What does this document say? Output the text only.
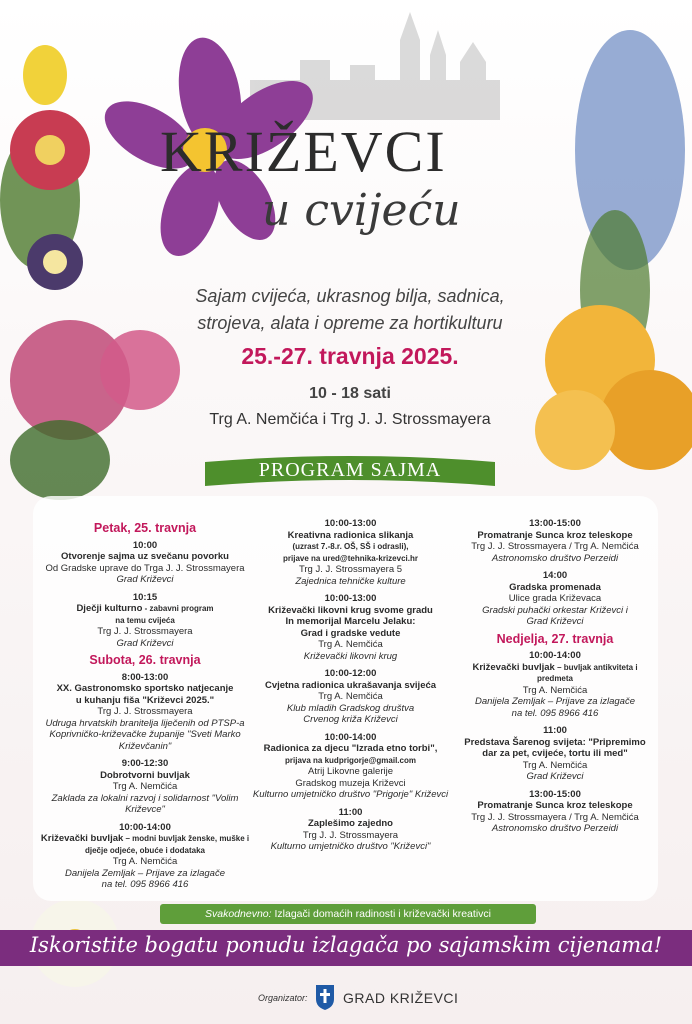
KRIŽEVCI
u cvijeću
Sajam cvijeća, ukrasnog bilja, sadnica,
strojeva, alata i opreme za hortikulturu
25.-27. travnja 2025.
10 - 18 sati
Trg A. Nemčića i Trg J. J. Strossmayera
PROGRAM SAJMA
Petak, 25. travnja
10:00
Otvorenje sajma uz svečanu povorku
Od Gradske uprave do Trga J. J. Strossmayera
Grad Križevci
10:15
Dječji kulturno - zabavni program
na temu cvijeća
Trg J. J. Strossmayera
Grad Križevci
Subota, 26. travnja
8:00-13:00
XX. Gastronomsko sportsko natjecanje
u kuhanju fiša "Križevci 2025."
Trg J. J. Strossmayera
Udruga hrvatskih branitelja liječenih od PTSP-a Koprivničko-križevačke županije "Sveti Marko Križevčanin"
9:00-12:30
Dobrotvorni buvljak
Trg A. Nemčića
Zaklada za lokalni razvoj i solidarnost "Volim Križevce"
10:00-14:00
Križevački buvljak – modni buvljak ženske, muške i dječje odjeće, obuće i dodataka
Trg A. Nemčića
Danijela Zemljak – Prijave za izlagače
na tel. 095 8966 416
10:00-13:00
Kreativna radionica slikanja
(uzrast 7.-8.r. OŠ, SŠ i odrasli),
prijave na ured@tehnika-krizevci.hr
Trg J. J. Strossmayera 5
Zajednica tehničke kulture
10:00-13:00
Križevački likovni krug svome gradu
In memorijal Marcelu Jelaku:
Grad i gradske vedute
Trg A. Nemčića
Križevački likovni krug
10:00-12:00
Cvjetna radionica ukrašavanja svijeća
Trg A. Nemčića
Klub mladih Gradskog društva
Crvenog križa Križevci
10:00-14:00
Radionica za djecu "Izrada etno torbi",
prijava na kudprigorje@gmail.com
Atrij Likovne galerije
Gradskog muzeja Križevci
Kulturno umjetničko društvo "Prigorje" Križevci
11:00
Zaplešimo zajedno
Trg J. J. Strossmayera
Kulturno umjetničko društvo "Križevci"
13:00-15:00
Promatranje Sunca kroz teleskope
Trg J. J. Strossmayera / Trg A. Nemčića
Astronomsko društvo Perzeidi
14:00
Gradska promenada
Ulice grada Križevaca
Gradski puhački orkestar Križevci i
Grad Križevci
Nedjelja, 27. travnja
10:00-14:00
Križevački buvljak – buvljak antikviteta i predmeta
Trg A. Nemčića
Danijela Zemljak – Prijave za izlagače
na tel. 095 8966 416
11:00
Predstava Šarenog svijeta: "Pripremimo
dar za pet, cvijeće, tortu ili med"
Trg A. Nemčića
Grad Križevci
13:00-15:00
Promatranje Sunca kroz teleskope
Trg J. J. Strossmayera / Trg A. Nemčića
Astronomsko društvo Perzeidi
Svakodnevno: Izlagači domaćih radinosti i križevački kreativci
Iskoristite bogatu ponudu izlagača po sajamskim cijenama!
Organizator:	GRAD KRIŽEVCI
